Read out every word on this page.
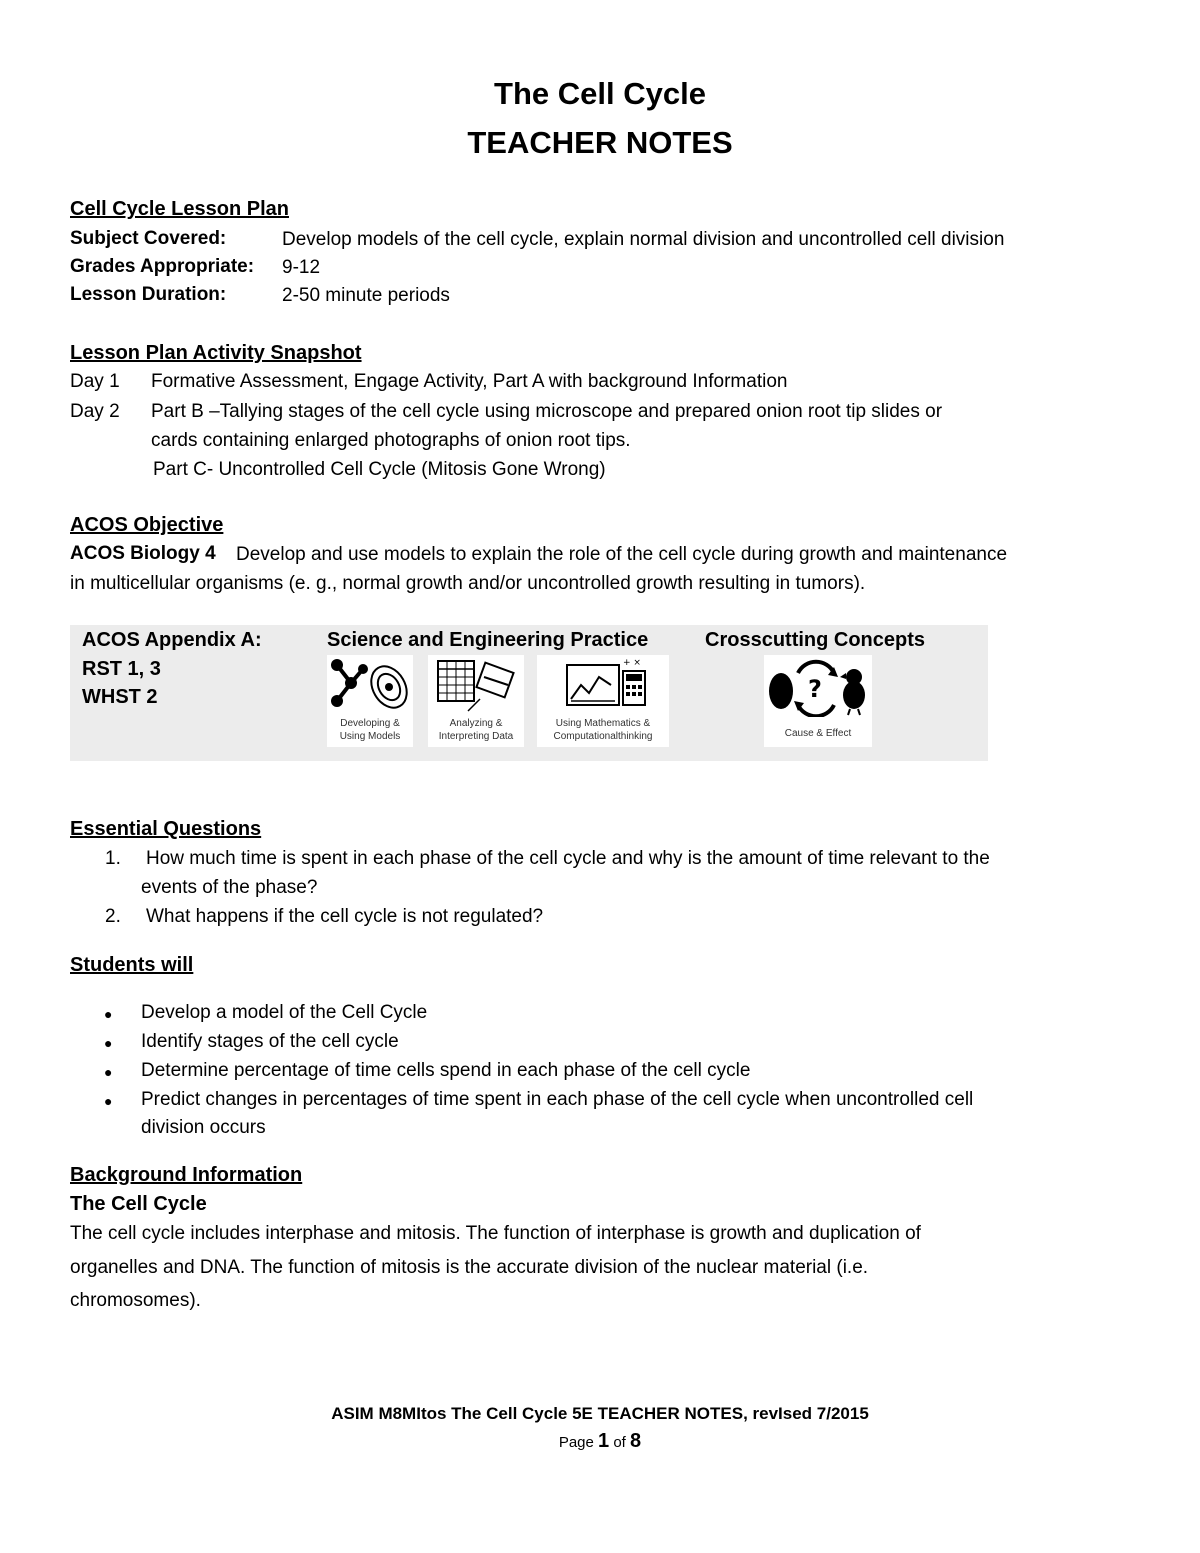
The Cell Cycle
TEACHER NOTES
Cell Cycle Lesson Plan
Subject Covered:	Develop models of the cell cycle, explain normal division and uncontrolled cell division
Grades Appropriate: 9-12
Lesson Duration:	2-50 minute periods
Lesson Plan Activity Snapshot
Day 1 Formative Assessment, Engage Activity, Part A with background Information
Day 2 Part B –Tallying stages of the cell cycle using microscope and prepared onion root tip slides or
cards containing enlarged photographs of onion root tips.
Part C- Uncontrolled Cell Cycle (Mitosis Gone Wrong)
ACOS Objective
ACOS Biology 4 Develop and use models to explain the role of the cell cycle during growth and maintenance
in multicellular organisms (e. g., normal growth and/or uncontrolled growth resulting in tumors).
ACOS Appendix A:
RST 1, 3
WHST 2
Science and Engineering Practice	Crosscutting Concepts
Developing & Using Models
Analyzing & Interpreting Data
+ ×
Using Mathematics & Computationalthinking
?
Cause & Effect
Essential Questions
1. How much time is spent in each phase of the cell cycle and why is the amount of time relevant to the
events of the phase?
2. What happens if the cell cycle is not regulated?
Students will
● Develop a model of the Cell Cycle
● Identify stages of the cell cycle
● Determine percentage of time cells spend in each phase of the cell cycle
● Predict changes in percentages of time spent in each phase of the cell cycle when uncontrolled cell
division occurs
Background Information
The Cell Cycle
The cell cycle includes interphase and mitosis. The function of interphase is growth and duplication of
organelles and DNA. The function of mitosis is the accurate division of the nuclear material (i.e.
chromosomes).
ASIM M8MItos The Cell Cycle 5E TEACHER NOTES, revIsed 7/2015
Page 1 of 8
